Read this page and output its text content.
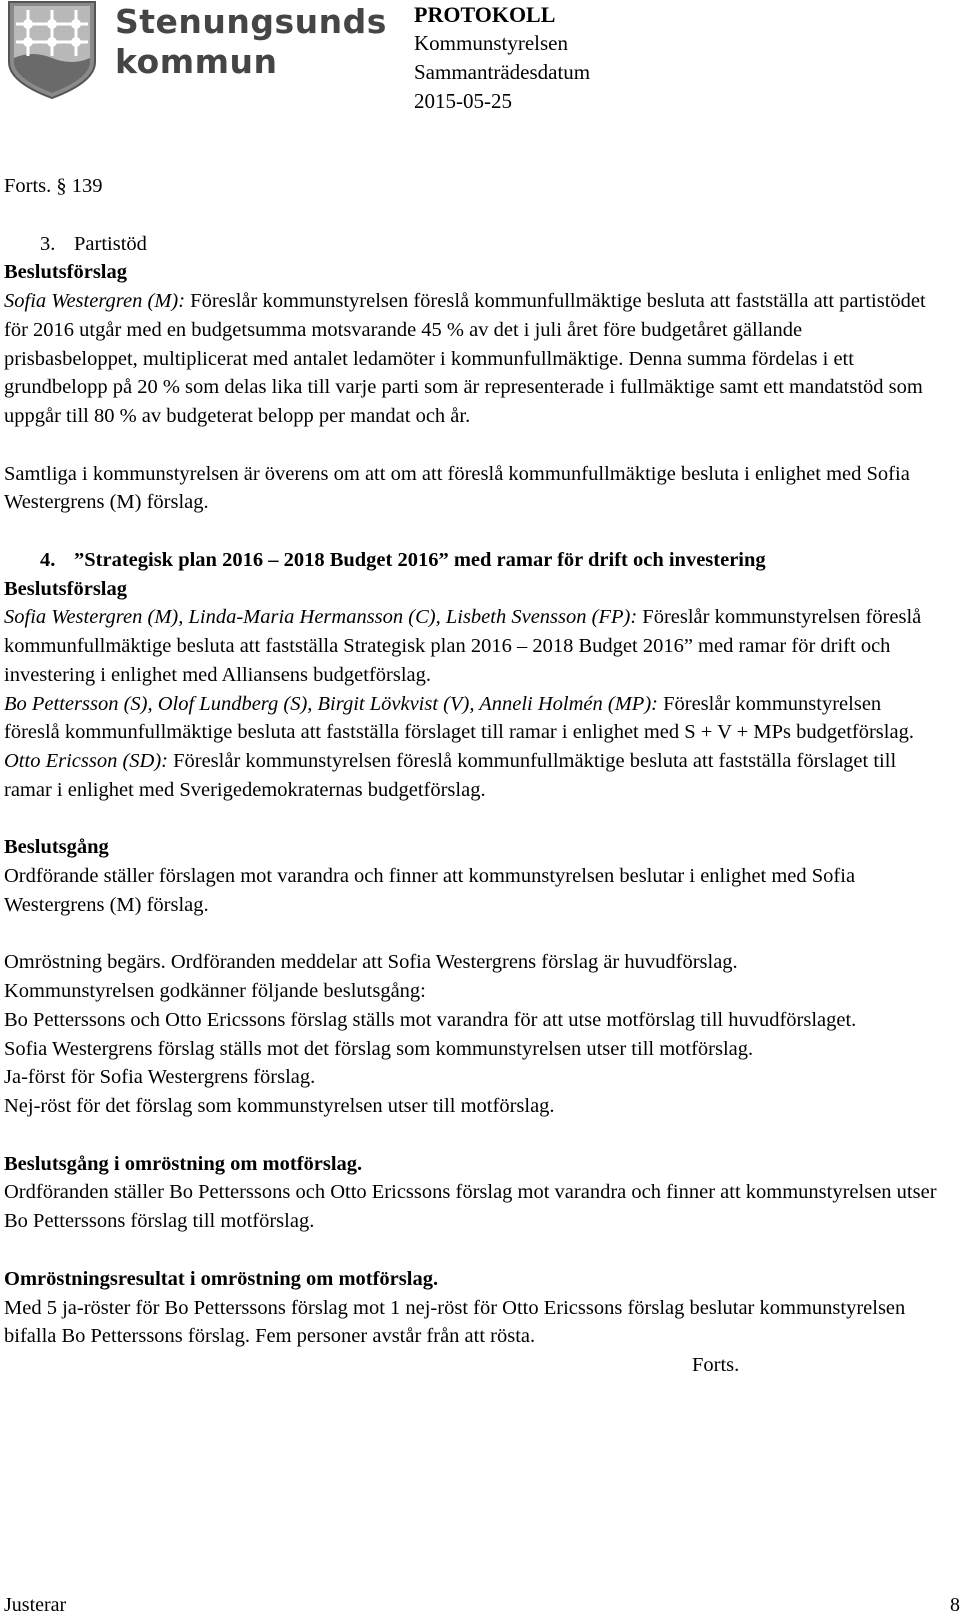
Stenungsunds
kommun
PROTOKOLL
Kommunstyrelsen
Sammanträdesdatum
2015-05-25

Forts. § 139

3. Partistöd

Beslutsförslag

Sofia Westergren (M): Föreslår kommunstyrelsen föreslå kommunfullmäktige besluta att fastställa att partistödet för 2016 utgår med en budgetsumma motsvarande 45 % av det i juli året före budgetåret gällande prisbasbeloppet, multiplicerat med antalet ledamöter i kommunfullmäktige. Denna summa fördelas i ett grundbelopp på 20 % som delas lika till varje parti som är representerade i fullmäktige samt ett mandatstöd som uppgår till 80 % av budgeterat belopp per mandat och år.

Samtliga i kommunstyrelsen är överens om att om att föreslå kommunfullmäktige besluta i enlighet med Sofia Westergrens (M) förslag.

4. ”Strategisk plan 2016 – 2018 Budget 2016” med ramar för drift och investering

Beslutsförslag

Sofia Westergren (M), Linda-Maria Hermansson (C), Lisbeth Svensson (FP): Föreslår kommunstyrelsen föreslå kommunfullmäktige besluta att fastställa Strategisk plan 2016 – 2018 Budget 2016” med ramar för drift och investering i enlighet med Alliansens budgetförslag.

Bo Pettersson (S), Olof Lundberg (S), Birgit Lövkvist (V), Anneli Holmén (MP): Föreslår kommunstyrelsen föreslå kommunfullmäktige besluta att fastställa förslaget till ramar i enlighet med S + V + MPs budgetförslag.

Otto Ericsson (SD): Föreslår kommunstyrelsen föreslå kommunfullmäktige besluta att fastställa förslaget till ramar i enlighet med Sverigedemokraternas budgetförslag.

Beslutsgång

Ordförande ställer förslagen mot varandra och finner att kommunstyrelsen beslutar i enlighet med Sofia Westergrens (M) förslag.

Omröstning begärs. Ordföranden meddelar att Sofia Westergrens förslag är huvudförslag.

Kommunstyrelsen godkänner följande beslutsgång:

Bo Petterssons och Otto Ericssons förslag ställs mot varandra för att utse motförslag till huvudförslaget.

Sofia Westergrens förslag ställs mot det förslag som kommunstyrelsen utser till motförslag.

Ja-först för Sofia Westergrens förslag.

Nej-röst för det förslag som kommunstyrelsen utser till motförslag.

Beslutsgång i omröstning om motförslag.

Ordföranden ställer Bo Petterssons och Otto Ericssons förslag mot varandra och finner att kommunstyrelsen utser Bo Petterssons förslag till motförslag.

Omröstningsresultat i omröstning om motförslag.

Med 5 ja-röster för Bo Petterssons förslag mot 1 nej-röst för Otto Ericssons förslag beslutar kommunstyrelsen bifalla Bo Petterssons förslag. Fem personer avstår från att rösta.

Forts.

Justerar	8
